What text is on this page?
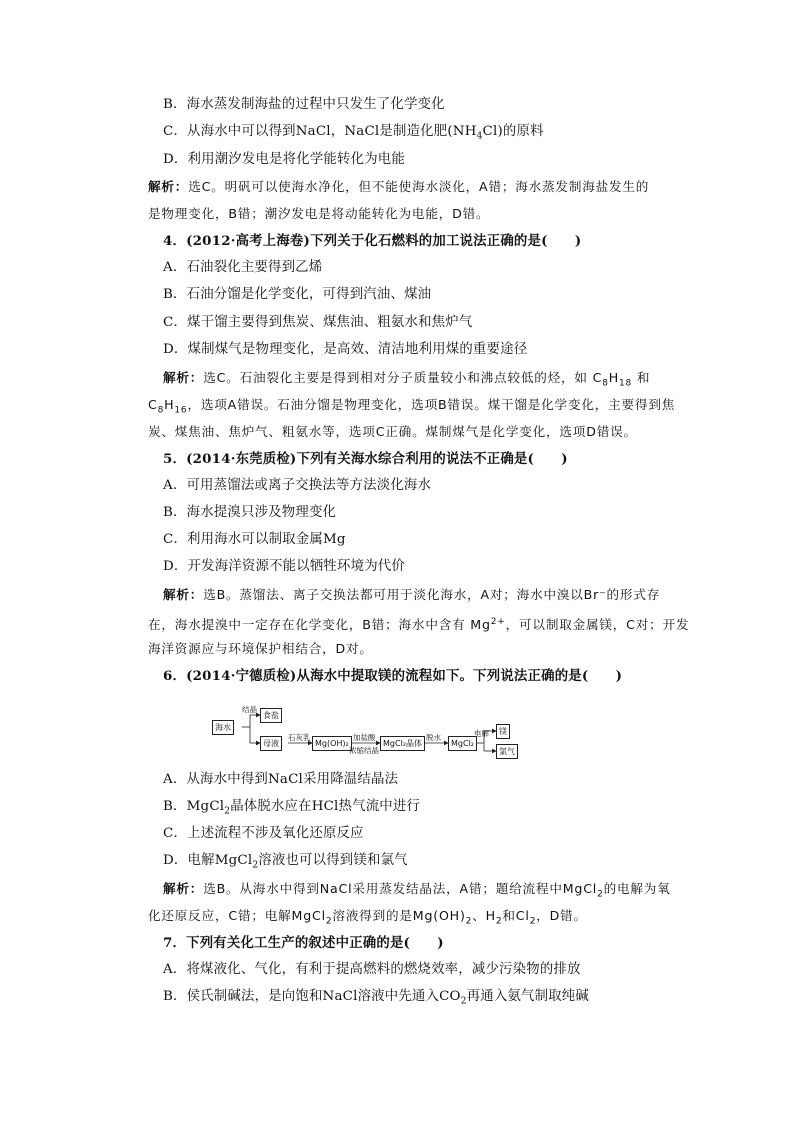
B．海水蒸发制海盐的过程中只发生了化学变化
C．从海水中可以得到NaCl，NaCl是制造化肥$(NH_4Cl)$的原料
D．利用潮汐发电是将化学能转化为电能
解析：选C。明矾可以使海水净化，但不能使海水淡化，A错；海水蒸发制海盐发生的
是物理变化，B错；潮汐发电是将动能转化为电能，D错。
4．(2012·高考上海卷)下列关于化石燃料的加工说法正确的是(　　)
A．石油裂化主要得到乙烯
B．石油分馏是化学变化，可得到汽油、煤油
C．煤干馏主要得到焦炭、煤焦油、粗氨水和焦炉气
D．煤制煤气是物理变化，是高效、清洁地利用煤的重要途径
解析：选C。石油裂化主要是得到相对分子质量较小和沸点较低的烃，如 $C_8H_{18}$ 和
$C_8H_{16}$，选项A错误。石油分馏是物理变化，选项B错误。煤干馏是化学变化，主要得到焦
炭、煤焦油、焦炉气、粗氨水等，选项C正确。煤制煤气是化学变化，选项D错误。
5．(2014·东莞质检)下列有关海水综合利用的说法不正确是(　　)
A．可用蒸馏法或离子交换法等方法淡化海水
B．海水提溴只涉及物理变化
C．利用海水可以制取金属Mg
D．开发海洋资源不能以牺牲环境为代价
解析：选B。蒸馏法、离子交换法都可用于淡化海水，A对；海水中溴以Br⁻的形式存
在，海水提溴中一定存在化学变化，B错；海水中含有 $Mg^{2+}$，可以制取金属镁，C对；开发
海洋资源应与环境保护相结合，D对。
6．(2014·宁德质检)从海水中提取镁的流程如下。下列说法正确的是(　　)
海水
食盐
母液	Mg(OH)₂	MgCl₂晶体	MgCl₂
镁
氯气
结晶
石灰乳	加盐酸
浓缩结晶
脱水	电解
A．从海水中得到NaCl采用降温结晶法
B．MgCl$_2$晶体脱水应在HCl热气流中进行
C．上述流程不涉及氧化还原反应
D．电解MgCl$_2$溶液也可以得到镁和氯气
解析：选B。从海水中得到NaCl采用蒸发结晶法，A错；題给流程中MgCl$_2$的电解为氧
化还原反应，C错；电解MgCl$_2$溶液得到的是$Mg(OH)_2$、$H_2$和$Cl_2$，D错。
7．下列有关化工生产的叙述中正确的是(　　)
A．将煤液化、气化，有利于提高燃料的燃烧效率，减少污染物的排放
B．侯氏制碱法，是向饱和NaCl溶液中先通入$CO_2$再通入氨气制取纯碱
